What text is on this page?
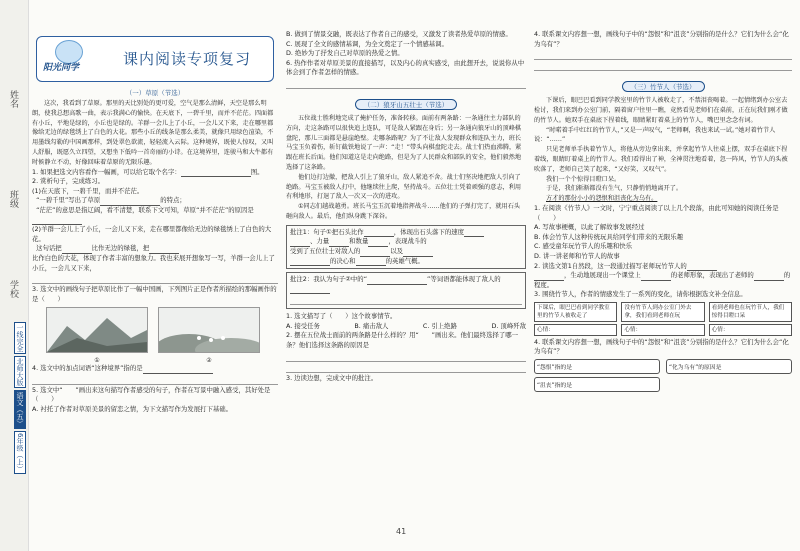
姓名
班级
学校
一线完全
北师大版
语文（五）
6年级（上）
阳光同学	课内阅读专项复习
（一）草原（节选）

这次，我看到了草原。那里的天比别处的更可爱，空气是那么清鲜，天空是那么明朗，使我总想高歌一曲，表示我满心的愉快。在天底下，一碧千里，而并不茫茫。四面都有小丘，平地是绿的，小丘也是绿的。羊群一会儿上了小丘，一会儿又下来，走在哪里都像给无边的绿毯绣上了白色的大花。那些小丘的线条是那么柔美，就像只用绿色渲染，不用墨线勾勒的中国画那样，到处翠色欲流，轻轻流入云际。这种境界，既使人惊叹，又叫人舒服，既愿久立四望，又想坐下低吟一首奇丽的小诗。在这境界里，连骏马和大牛都有时候静立不动，好像回味着草原的无限乐趣。

1. 如果把选文内容看作一幅画，可以给它取个名字：	图。

2. 赏析句子，完成练习。

(1)在天底下，一碧千里，而并不茫茫。

“一碧千里”写出了草原	的特点；

“茫茫”的意思是指辽阔，看不清楚，联系下文可知，草原“并不茫茫”的原因是

(2)羊群一会儿上了小丘，一会儿又下来，走在哪里都像给无边的绿毯绣上了白色的大花。

这句话把	比作无边的绿毯，把

比作白色的大花，体现了作者丰富的想象力。我也来展开想象写一写，羊群一会儿上了小丘，一会儿又下来，

3. 选文中的画线句子把草原比作了一幅中国画，下列图片正是作者所描绘的那幅画作的是（　　）

①	②

4. 选文中的加点词语“这种境界”指的是

5. 选文中“　　”画出来这句描写作者感受的句子，作者在写景中融入感受，其好处是（　　）

A. 衬托了作者对草原美景的留恋之情，为下文描写作为发展打下基础。

B. 做到了情景交融，既表达了作者自己的感受，又激发了读者热爱草原的情感。

C. 展现了全文的感情基调，为全文奠定了一个情感基调。

D. 绝妙为了抒发自己对草原的热爱之情。

6. 热作作者对草原美景的直接描写，以及内心的真实感受，由此想开去，说说你从中体会到了作者怎样的情感。

（二）狼牙山五壮士（节选）

五位战士胜利地完成了掩护任务，准备转移。面前有两条路：一条通往主力部队的方向，走这条路可以很快追上连队，可是敌人紧跟在身后；另一条通向狼牙山的顶峰棋盘陀，那儿三面都是悬崖绝壁。走哪条路呢？为了不让敌人发现群众和连队主力，班长马宝玉负着伤，斩钉截铁地说了一声：“走！”带头向棋盘陀走去。战士们热血沸腾，紧跟在班长后面。他们知道这是走向绝路，但是为了人民群众和部队的安全，他们毅然地选择了这条路。

他们边打边撤，把敌人引上了狼牙山，敌人紧追不舍。战士们坚决地把敌人引向了绝路。马宝玉被敌人打中，他继续往上爬，坚持战斗。五位壮士凭着顽强的意志，利用有利地形，打退了敌人一次又一次的进攻。

①同志们越战越勇。班长马宝玉沉着地指挥战斗……他们的子弹打完了，就用石头砸向敌人。最后，他们纵身跳下深谷。

批注1：句子①把石头比作	，体现出石头落下的速度

、力量	和数量	，表现战斗的

受到了五位壮士对敌人的	以及

的决心和	的英雄气概。

批注2：我认为句子②中的“	”等词语都能体现了敌人的

1. 选文描写了（　　）这个故事情节。

A. 接受任务	B. 痛击敌人	C. 引上绝路	D. 顶峰歼敌

2. 摆在五位战士面前的两条路是什么样的？用“　　”画出来。他们最终选择了哪一条？他们选择这条路的原因是

3. 边读边想，完成文中的批注。

41

4. 联系课文内容想一想，画线句子中的“怨恨”和“沮丧”分别指的是什么？它们为什么会“化为乌有”？

（三）竹节人（节选）

下课后，眼巴巴看到同学教室里的竹节人被收走了，不禁泪丧喝着。一起情绪到办公室去检讨，我们来到办公室门前，隔着窗户往里一瞧，竟然看见老师们在桌前，正在玩我们刚才做的竹节人。她双手在桌底下捏着线，眼睛紧盯着桌上的竹节人，嘴巴里念念有词。

“时喏着手中红红的竹节人，”又是一声叹气，“老师啊，我也来试一试。”她对着竹节人说：“……”

只见老师单手执着竹节人，将他从旁边拿出来，并拿起竹节人往桌上摆，双手在桌底下捏着线，眼睛盯着桌上的竹节人。我们看得出了神，全神贯注地看着，忽一阵风，竹节人的头被吹落了，老师自己笑了起来，“又好笑，又叹气”。

我们一个个惊得目瞪口呆。

于是，我们渐渐都没有生气，只静悄悄地离开了。

方才的那份小小的怨恨和沮丧化为乌有。

1. 在阅读《竹节人》一文时，宁宁重点阅读了以上几个段落，由此可知她的阅读任务是（　　）

A. 写故事梗概，以此了解故事发展经过

B. 体会竹节人这种传统玩具给同学们带来的无限乐趣

C. 感受童年玩竹节人的乐趣和快乐

D. 讲一讲老师和竹节人的故事

2. 读选文第1自然段，这一段通过描写老师玩竹节人的

，生动地展现出一个课堂上	的老师形象，表现出了老师的	的程度。

3. 围绕竹节人，作者的情感发生了一系列的变化，请你根据选文补全信息。

下课后，眼巴巴看到同学教室里的竹节人被收走了
没有竹节人到办公室门外去拿，我们看到老师在玩
看到老师也在玩竹节人，我们惊得目瞪口呆
心情：	心情：	心情：

4. 联系课文内容想一想，画线句子中的“怨恨”和“沮丧”分别指的是什么？它们为什么会“化为乌有”？

“怨恨”指的是	“化为乌有”的原因是
“沮丧”指的是
